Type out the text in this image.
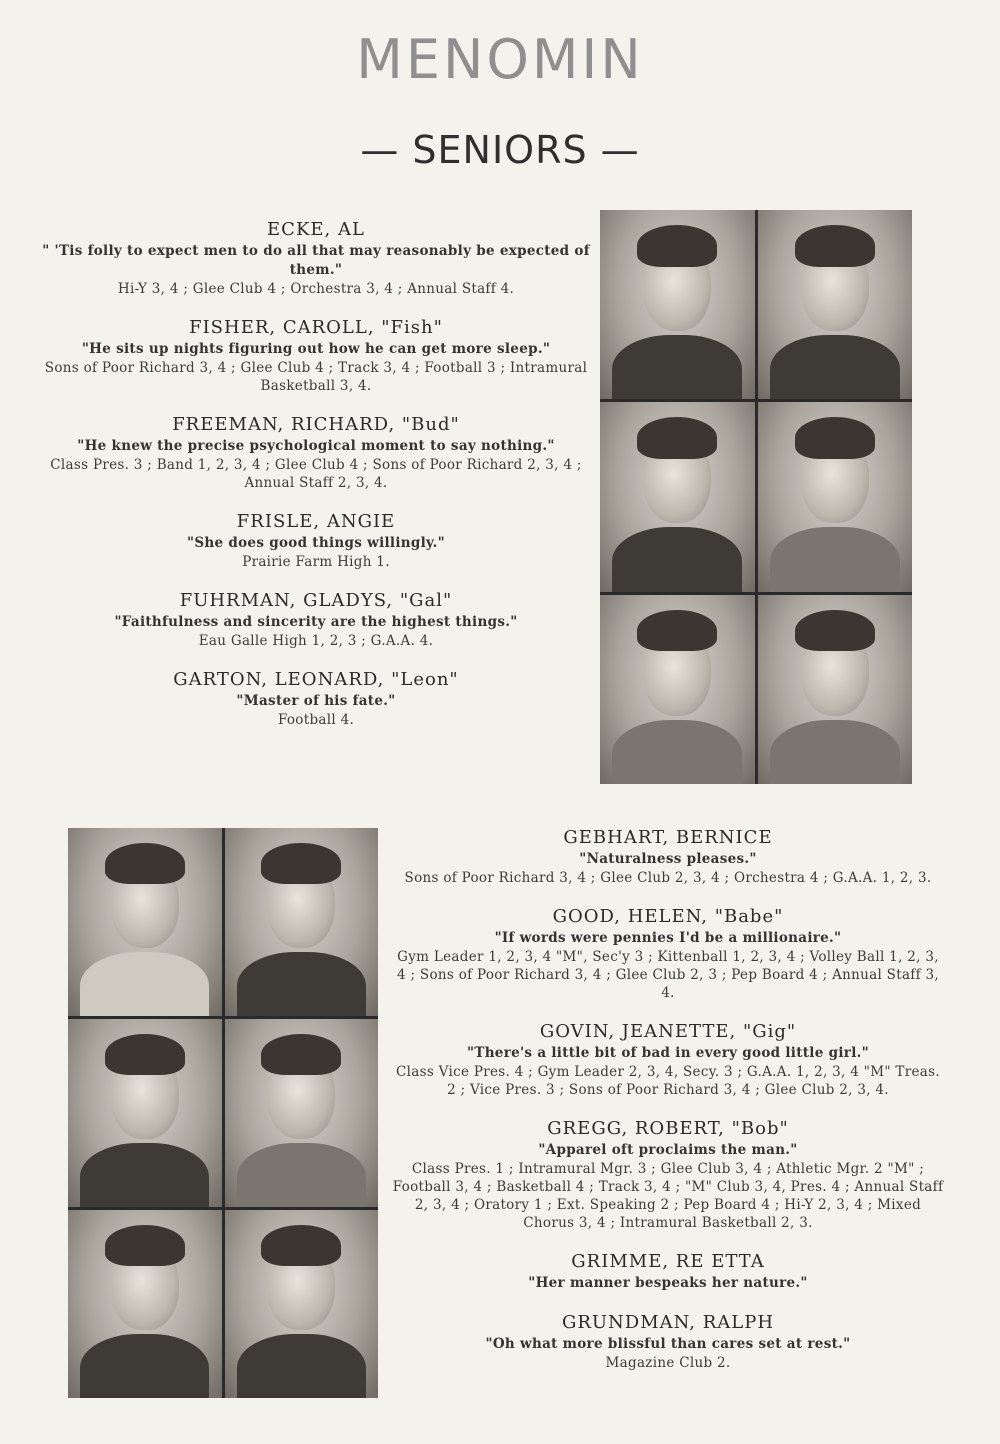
MENOMIN
— SENIORS —
ECKE, AL
" 'Tis folly to expect men to do all that may reasonably be expected of them."
Hi-Y 3, 4 ; Glee Club 4 ; Orchestra 3, 4 ; Annual Staff 4.
FISHER, CAROLL, "Fish"
"He sits up nights figuring out how he can get more sleep."
Sons of Poor Richard 3, 4 ; Glee Club 4 ; Track 3, 4 ; Football 3 ; Intramural Basketball 3, 4.
FREEMAN, RICHARD, "Bud"
"He knew the precise psychological moment to say nothing."
Class Pres. 3 ; Band 1, 2, 3, 4 ; Glee Club 4 ; Sons of Poor Richard 2, 3, 4 ; Annual Staff 2, 3, 4.
FRISLE, ANGIE
"She does good things willingly."
Prairie Farm High 1.
FUHRMAN, GLADYS, "Gal"
"Faithfulness and sincerity are the highest things."
Eau Galle High 1, 2, 3 ; G.A.A. 4.
GARTON, LEONARD, "Leon"
"Master of his fate."
Football 4.
GEBHART, BERNICE
"Naturalness pleases."
Sons of Poor Richard 3, 4 ; Glee Club 2, 3, 4 ; Orchestra 4 ; G.A.A. 1, 2, 3.
GOOD, HELEN, "Babe"
"If words were pennies I'd be a millionaire."
Gym Leader 1, 2, 3, 4 "M", Sec'y 3 ; Kittenball 1, 2, 3, 4 ; Volley Ball 1, 2, 3, 4 ; Sons of Poor Richard 3, 4 ; Glee Club 2, 3 ; Pep Board 4 ; Annual Staff 3, 4.
GOVIN, JEANETTE, "Gig"
"There's a little bit of bad in every good little girl."
Class Vice Pres. 4 ; Gym Leader 2, 3, 4, Secy. 3 ; G.A.A. 1, 2, 3, 4 "M" Treas. 2 ; Vice Pres. 3 ; Sons of Poor Richard 3, 4 ; Glee Club 2, 3, 4.
GREGG, ROBERT, "Bob"
"Apparel oft proclaims the man."
Class Pres. 1 ; Intramural Mgr. 3 ; Glee Club 3, 4 ; Athletic Mgr. 2 "M" ; Football 3, 4 ; Basketball 4 ; Track 3, 4 ; "M" Club 3, 4, Pres. 4 ; Annual Staff 2, 3, 4 ; Oratory 1 ; Ext. Speaking 2 ; Pep Board 4 ; Hi-Y 2, 3, 4 ; Mixed Chorus 3, 4 ; Intramural Basketball 2, 3.
GRIMME, RE ETTA
"Her manner bespeaks her nature."
GRUNDMAN, RALPH
"Oh what more blissful than cares set at rest."
Magazine Club 2.
